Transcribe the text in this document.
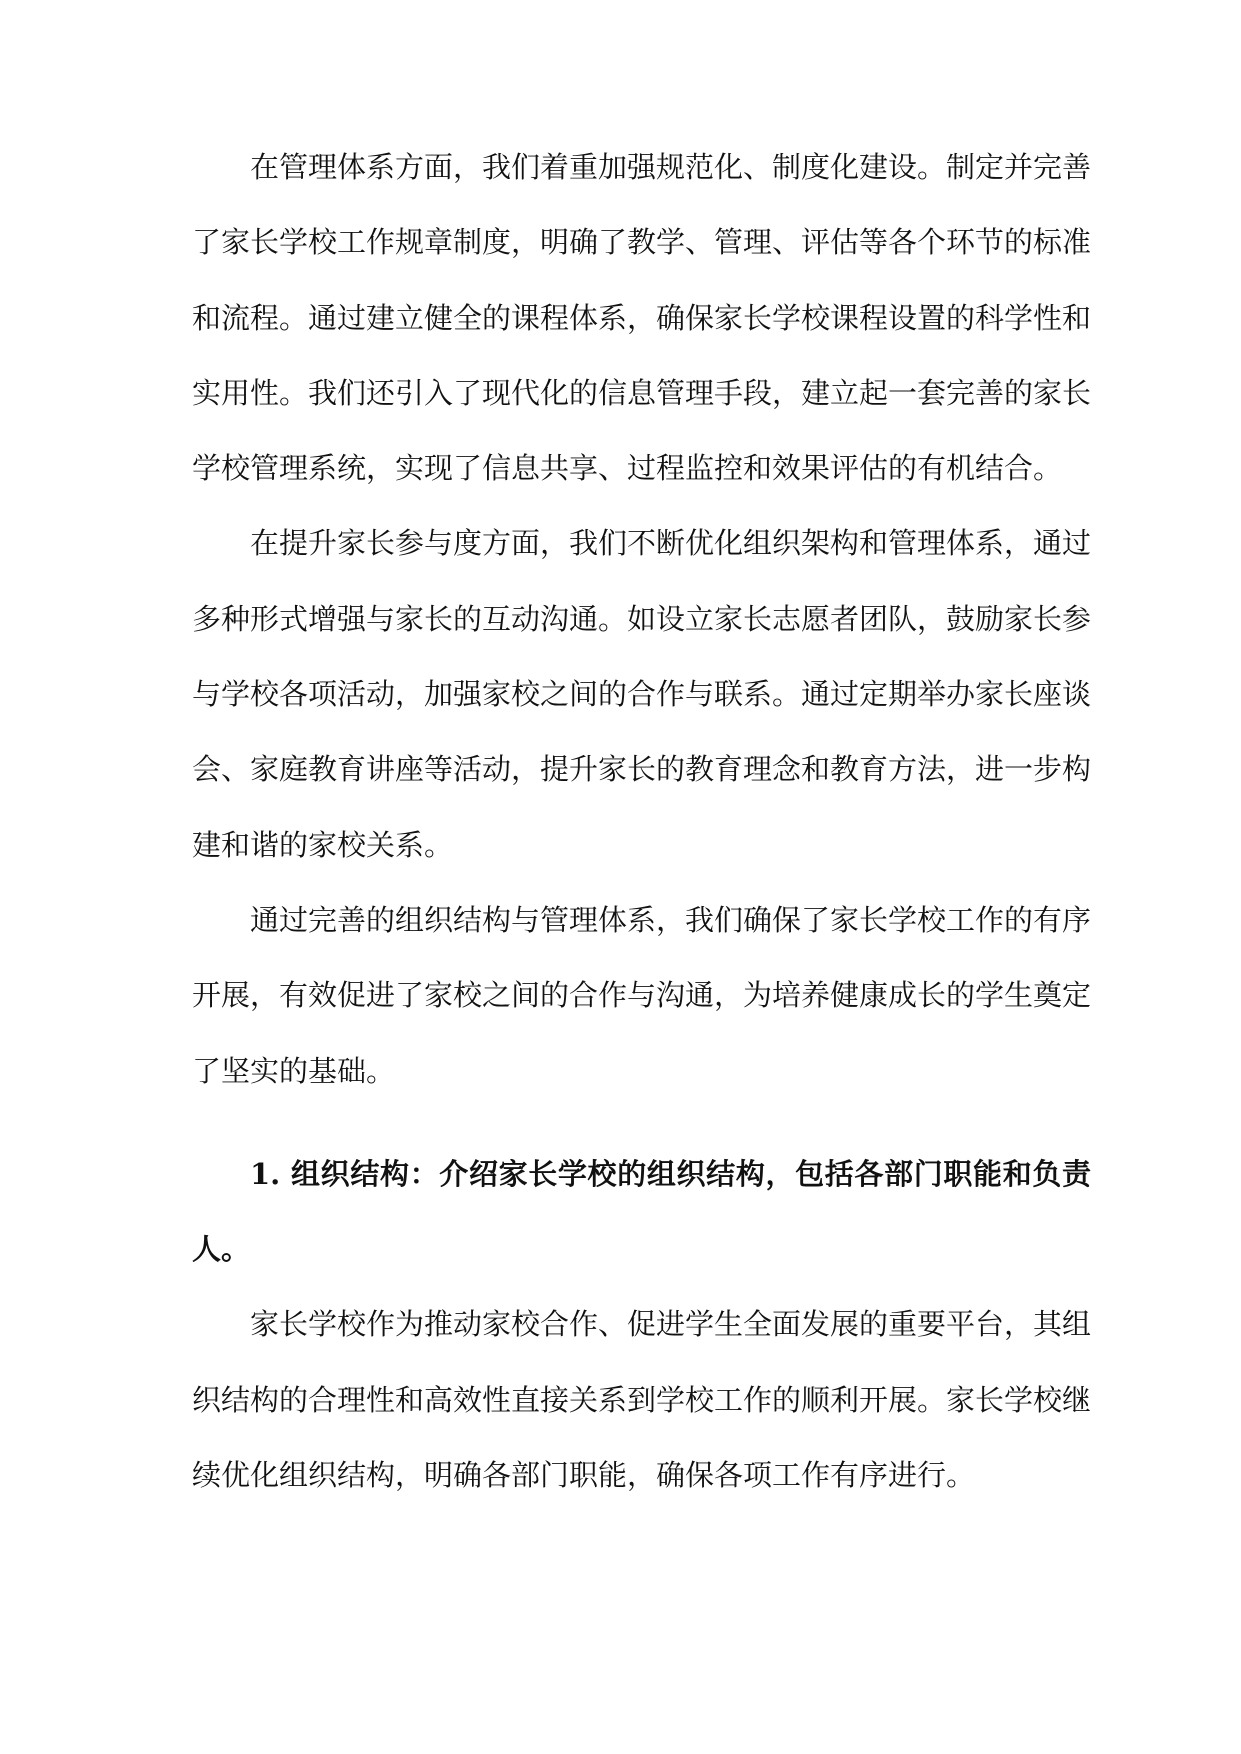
在管理体系方面，我们着重加强规范化、制度化建设。制定并完善了家长学校工作规章制度，明确了教学、管理、评估等各个环节的标准和流程。通过建立健全的课程体系，确保家长学校课程设置的科学性和实用性。我们还引入了现代化的信息管理手段，建立起一套完善的家长学校管理系统，实现了信息共享、过程监控和效果评估的有机结合。

在提升家长参与度方面，我们不断优化组织架构和管理体系，通过多种形式增强与家长的互动沟通。如设立家长志愿者团队，鼓励家长参与学校各项活动，加强家校之间的合作与联系。通过定期举办家长座谈会、家庭教育讲座等活动，提升家长的教育理念和教育方法，进一步构建和谐的家校关系。

通过完善的组织结构与管理体系，我们确保了家长学校工作的有序开展，有效促进了家校之间的合作与沟通，为培养健康成长的学生奠定了坚实的基础。

1. 组织结构：介绍家长学校的组织结构，包括各部门职能和负责人。

家长学校作为推动家校合作、促进学生全面发展的重要平台，其组织结构的合理性和高效性直接关系到学校工作的顺利开展。家长学校继续优化组织结构，明确各部门职能，确保各项工作有序进行。
